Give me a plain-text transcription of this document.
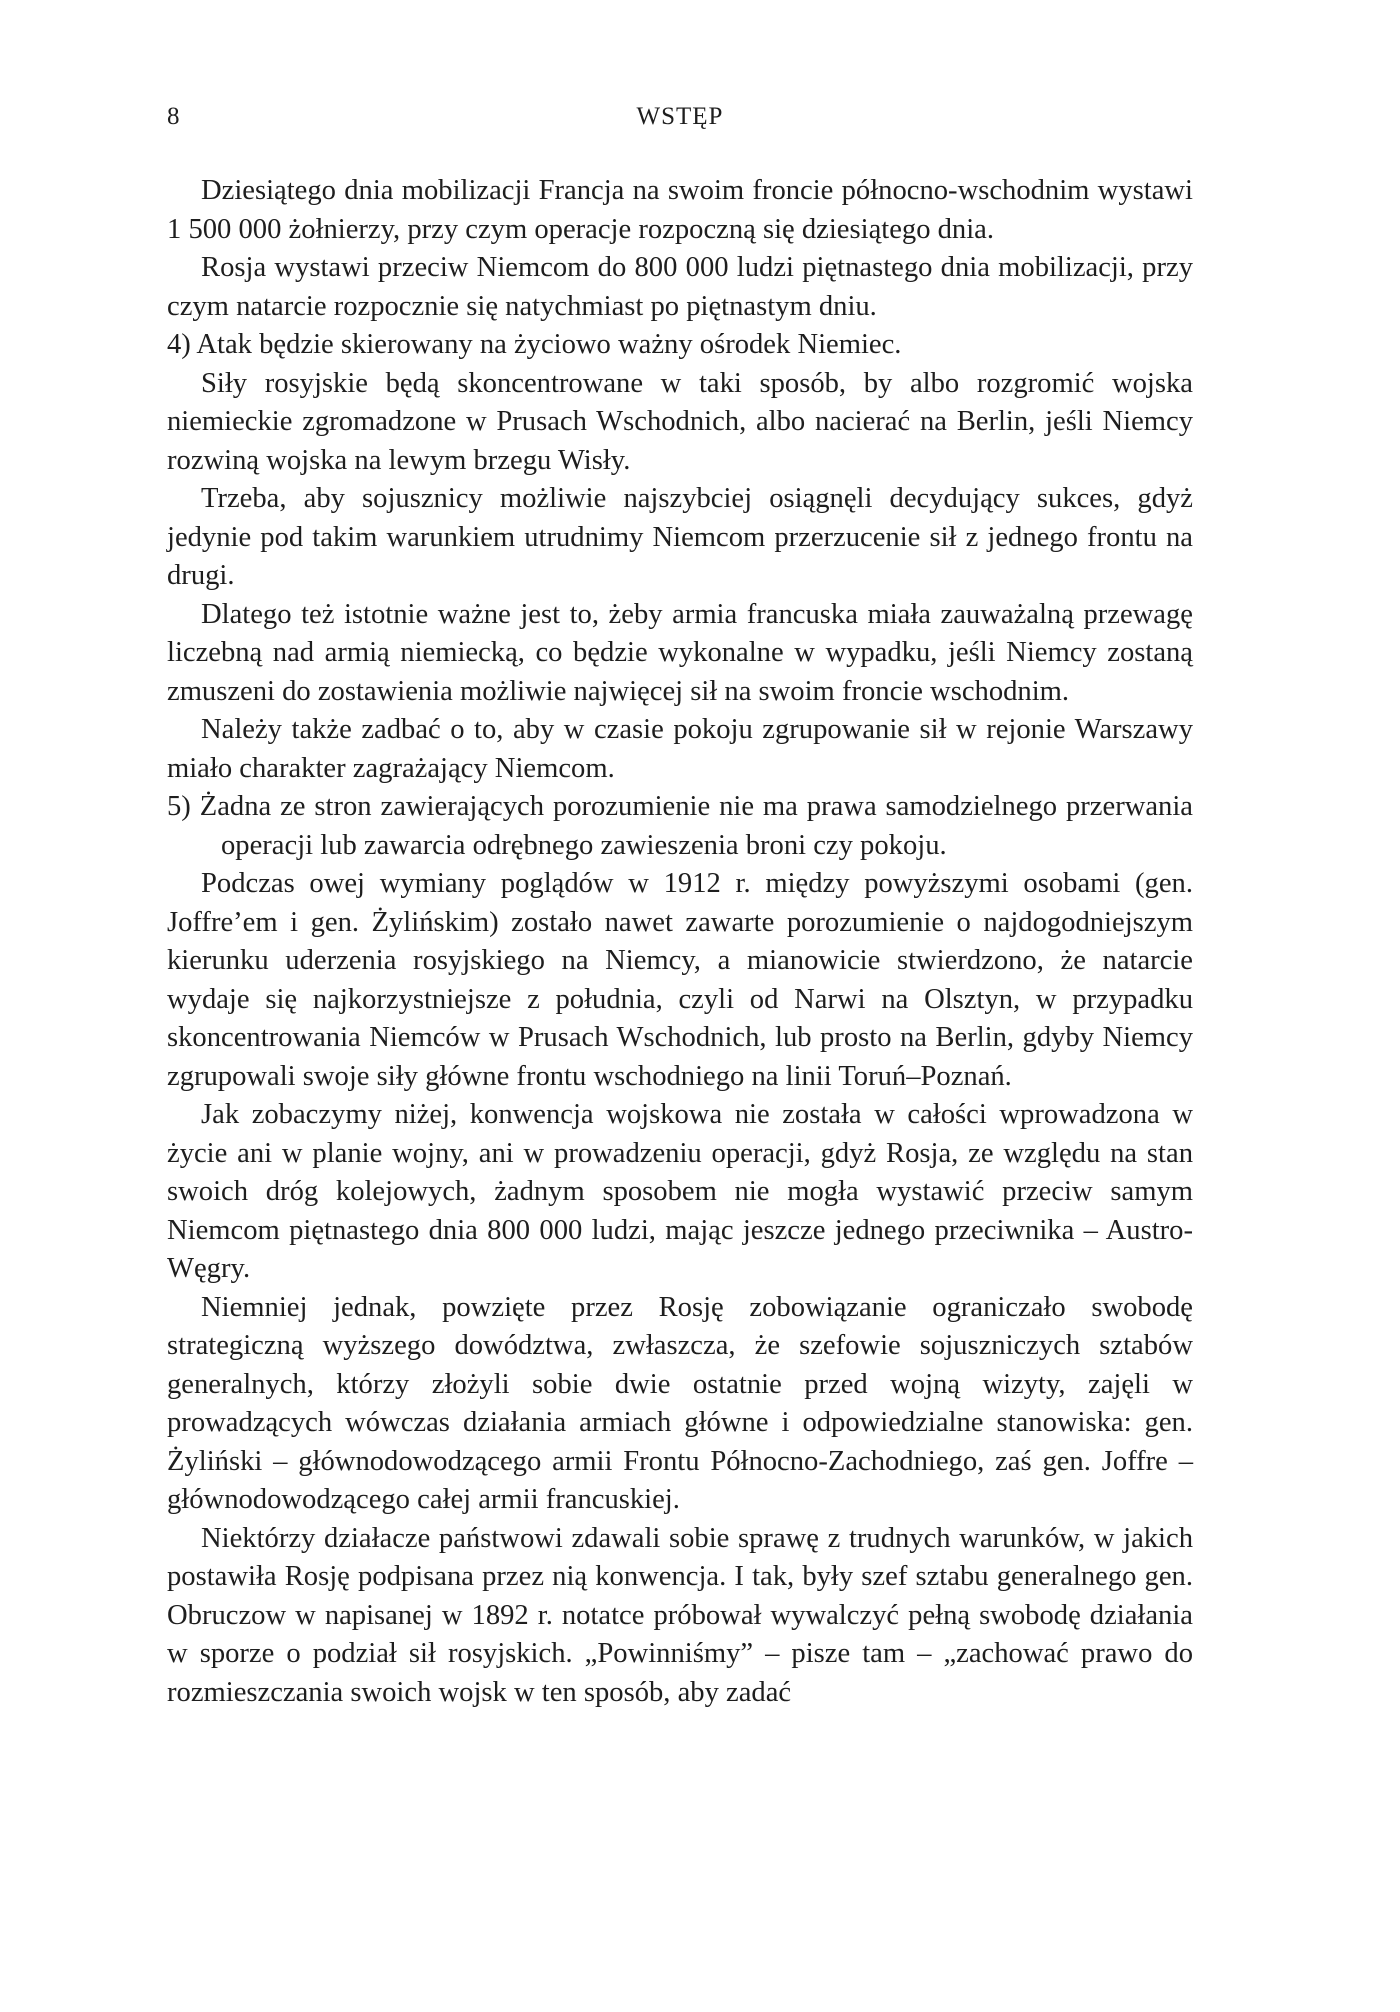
8	WSTĘP

Dziesiątego dnia mobilizacji Francja na swoim froncie północno-wschodnim wystawi 1 500 000 żołnierzy, przy czym operacje rozpoczną się dziesiątego dnia.

Rosja wystawi przeciw Niemcom do 800 000 ludzi piętnastego dnia mobilizacji, przy czym natarcie rozpocznie się natychmiast po piętnastym dniu.

4) Atak będzie skierowany na życiowo ważny ośrodek Niemiec.

Siły rosyjskie będą skoncentrowane w taki sposób, by albo rozgromić wojska niemieckie zgromadzone w Prusach Wschodnich, albo nacierać na Berlin, jeśli Niemcy rozwiną wojska na lewym brzegu Wisły.

Trzeba, aby sojusznicy możliwie najszybciej osiągnęli decydujący sukces, gdyż jedynie pod takim warunkiem utrudnimy Niemcom przerzucenie sił z jednego frontu na drugi.

Dlatego też istotnie ważne jest to, żeby armia francuska miała zauważalną przewagę liczebną nad armią niemiecką, co będzie wykonalne w wypadku, jeśli Niemcy zostaną zmuszeni do zostawienia możliwie najwięcej sił na swoim froncie wschodnim.

Należy także zadbać o to, aby w czasie pokoju zgrupowanie sił w rejonie Warszawy miało charakter zagrażający Niemcom.

5) Żadna ze stron zawierających porozumienie nie ma prawa samodzielnego przerwania operacji lub zawarcia odrębnego zawieszenia broni czy pokoju.

Podczas owej wymiany poglądów w 1912 r. między powyższymi osobami (gen. Joffre’em i gen. Żylińskim) zostało nawet zawarte porozumienie o najdogodniejszym kierunku uderzenia rosyjskiego na Niemcy, a mianowicie stwierdzono, że natarcie wydaje się najkorzystniejsze z południa, czyli od Narwi na Olsztyn, w przypadku skoncentrowania Niemców w Prusach Wschodnich, lub prosto na Berlin, gdyby Niemcy zgrupowali swoje siły główne frontu wschodniego na linii Toruń–Poznań.

Jak zobaczymy niżej, konwencja wojskowa nie została w całości wprowadzona w życie ani w planie wojny, ani w prowadzeniu operacji, gdyż Rosja, ze względu na stan swoich dróg kolejowych, żadnym sposobem nie mogła wystawić przeciw samym Niemcom piętnastego dnia 800 000 ludzi, mając jeszcze jednego przeciwnika – Austro-Węgry.

Niemniej jednak, powzięte przez Rosję zobowiązanie ograniczało swobodę strategiczną wyższego dowództwa, zwłaszcza, że szefowie sojuszniczych sztabów generalnych, którzy złożyli sobie dwie ostatnie przed wojną wizyty, zajęli w prowadzących wówczas działania armiach główne i odpowiedzialne stanowiska: gen. Żyliński – głównodowodzącego armii Frontu Północno-Zachodniego, zaś gen. Joffre – głównodowodzącego całej armii francuskiej.

Niektórzy działacze państwowi zdawali sobie sprawę z trudnych warunków, w jakich postawiła Rosję podpisana przez nią konwencja. I tak, były szef sztabu generalnego gen. Obruczow w napisanej w 1892 r. notatce próbował wywalczyć pełną swobodę działania w sporze o podział sił rosyjskich. „Powinniśmy” – pisze tam – „zachować prawo do rozmieszczania swoich wojsk w ten sposób, aby zadać
